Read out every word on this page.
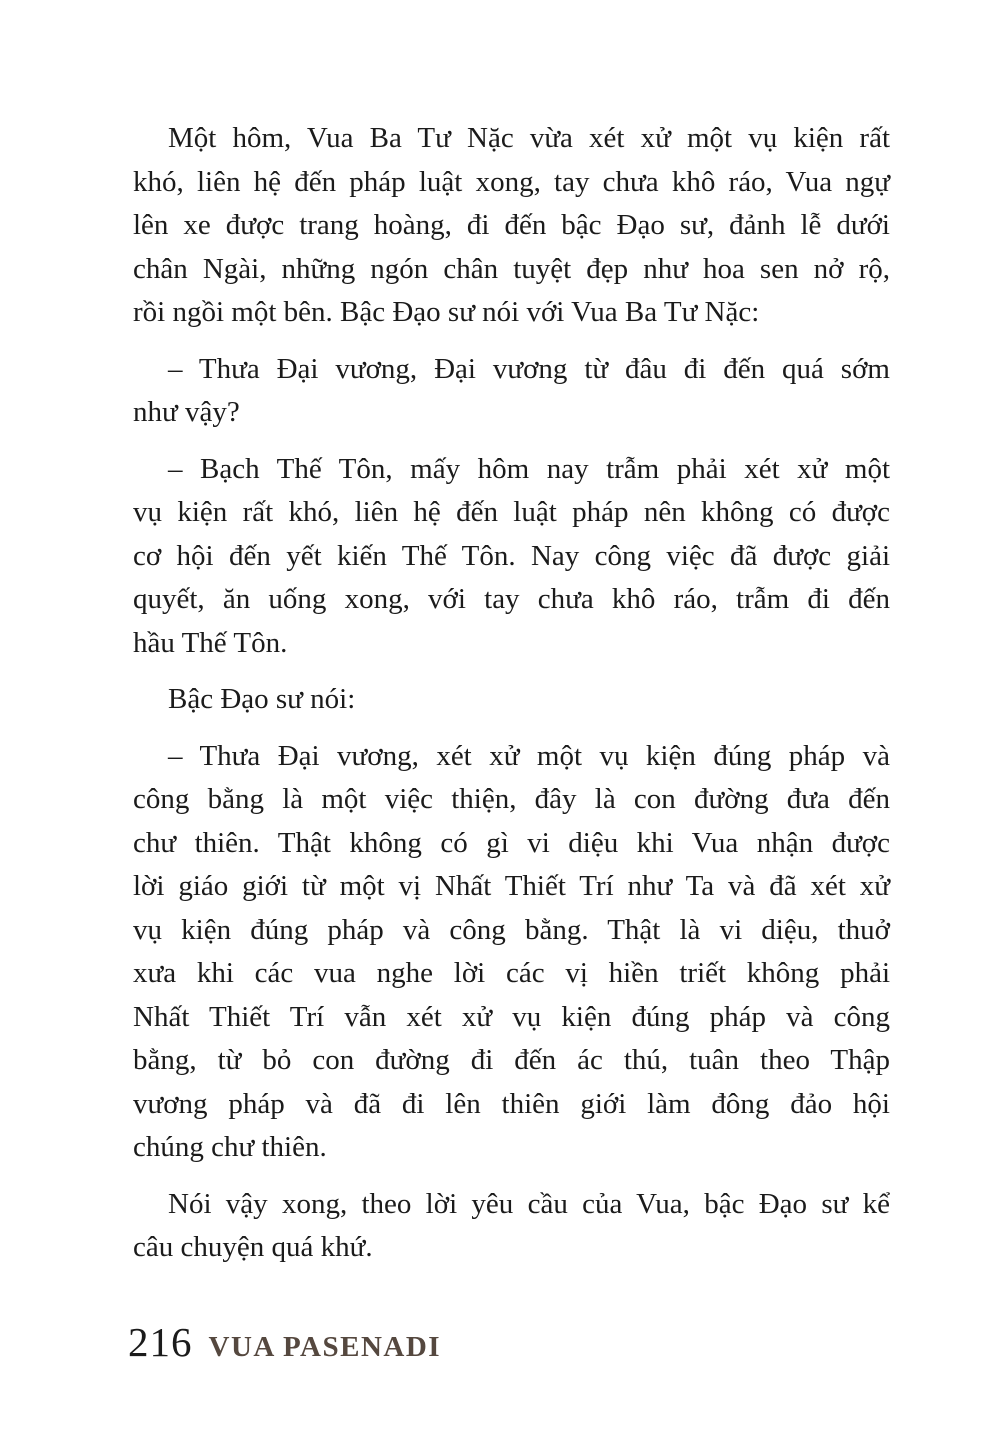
Một hôm, Vua Ba Tư Nặc vừa xét xử một vụ kiện rất
khó, liên hệ đến pháp luật xong, tay chưa khô ráo, Vua ngự
lên xe được trang hoàng, đi đến bậc Đạo sư, đảnh lễ dưới
chân Ngài, những ngón chân tuyệt đẹp như hoa sen nở rộ,
rồi ngồi một bên. Bậc Đạo sư nói với Vua Ba Tư Nặc:
– Thưa Đại vương, Đại vương từ đâu đi đến quá sớm
như vậy?
– Bạch Thế Tôn, mấy hôm nay trẫm phải xét xử một
vụ kiện rất khó, liên hệ đến luật pháp nên không có được
cơ hội đến yết kiến Thế Tôn. Nay công việc đã được giải
quyết, ăn uống xong, với tay chưa khô ráo, trẫm đi đến
hầu Thế Tôn.
Bậc Đạo sư nói:
– Thưa Đại vương, xét xử một vụ kiện đúng pháp và
công bằng là một việc thiện, đây là con đường đưa đến
chư thiên. Thật không có gì vi diệu khi Vua nhận được
lời giáo giới từ một vị Nhất Thiết Trí như Ta và đã xét xử
vụ kiện đúng pháp và công bằng. Thật là vi diệu, thuở
xưa khi các vua nghe lời các vị hiền triết không phải
Nhất Thiết Trí vẫn xét xử vụ kiện đúng pháp và công
bằng, từ bỏ con đường đi đến ác thú, tuân theo Thập
vương pháp và đã đi lên thiên giới làm đông đảo hội
chúng chư thiên.
Nói vậy xong, theo lời yêu cầu của Vua, bậc Đạo sư kể
câu chuyện quá khứ.
216 VUA PASENADI
